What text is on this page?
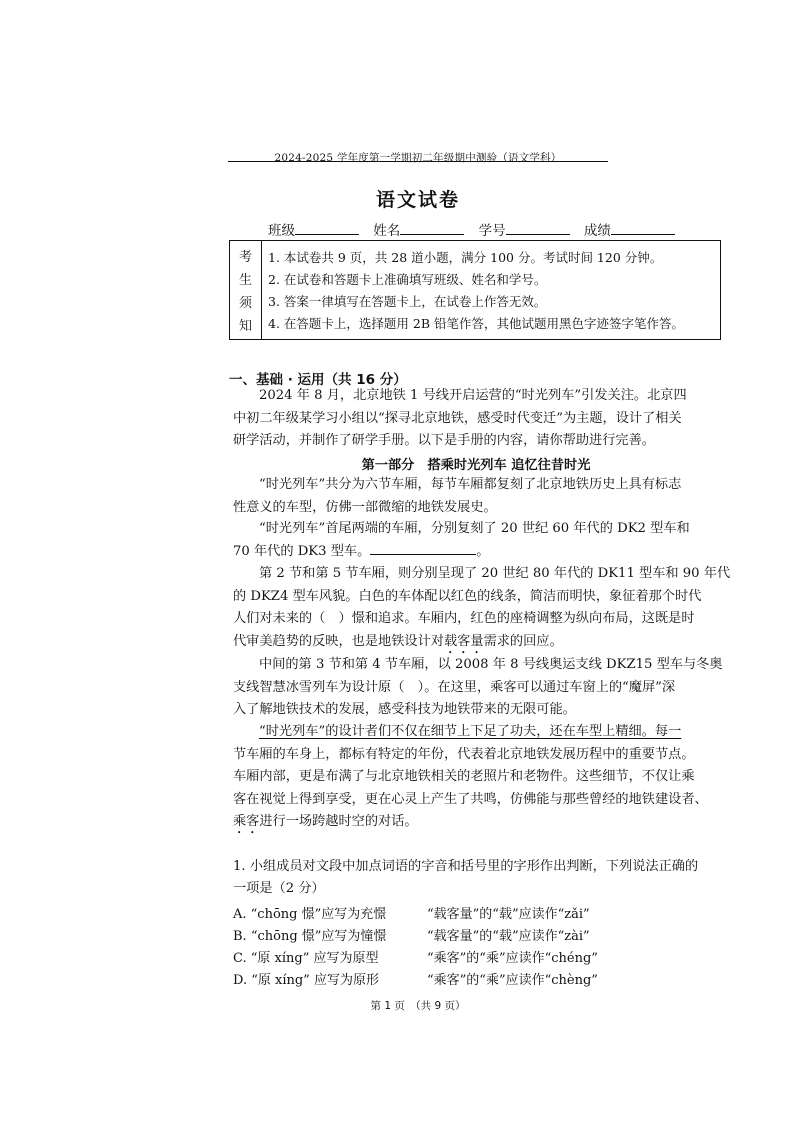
2024-2025 学年度第一学期初二年级期中测验（语文学科）
语文试卷
班级	姓名	学号	成绩
考
生
须
知
1. 本试卷共 9 页，共 28 道小题，满分 100 分。考试时间 120 分钟。
2. 在试卷和答题卡上准确填写班级、姓名和学号。
3. 答案一律填写在答题卡上，在试卷上作答无效。
4. 在答题卡上，选择题用 2B 铅笔作答，其他试题用黑色字迹签字笔作答。
一、基础 · 运用（共 16 分）
2024 年 8 月，北京地铁 1 号线开启运营的“时光列车”引发关注。北京四
中初二年级某学习小组以“探寻北京地铁，感受时代变迁”为主题，设计了相关
研学活动，并制作了研学手册。以下是手册的内容，请你帮助进行完善。
第一部分　搭乘时光列车 追忆往昔时光
“时光列车”共分为六节车厢，每节车厢都复刻了北京地铁历史上具有标志
性意义的车型，仿佛一部微缩的地铁发展史。
“时光列车”首尾两端的车厢，分别复刻了 20 世纪 60 年代的 DK2 型车和
70 年代的 DK3 型车。	。
第 2 节和第 5 节车厢，则分别呈现了 20 世纪 80 年代的 DK11 型车和 90 年代
的 DKZ4 型车风貌。白色的车体配以红色的线条，简洁而明快，象征着那个时代
人们对未来的（　）憬和追求。车厢内，红色的座椅调整为纵向布局，这既是时
代审美趋势的反映，也是地铁设计对载客量需求的回应。
中间的第 3 节和第 4 节车厢，以 2008 年 8 号线奥运支线 DKZ15 型车与冬奥
支线智慧冰雪列车为设计原（　）。在这里，乘客可以通过车窗上的“魔屏”深
入了解地铁技术的发展，感受科技为地铁带来的无限可能。
“时光列车”的设计者们不仅在细节上下足了功夫，还在车型上精细。每一
节车厢的车身上，都标有特定的年份，代表着北京地铁发展历程中的重要节点。
车厢内部，更是布满了与北京地铁相关的老照片和老物件。这些细节，不仅让乘
客在视觉上得到享受，更在心灵上产生了共鸣，仿佛能与那些曾经的地铁建设者、
乘客进行一场跨越时空的对话。
1. 小组成员对文段中加点词语的字音和括号里的字形作出判断，下列说法正确的
一项是（2 分）
A. “chōng 憬”应写为充憬	“载客量”的“载”应读作“zǎi”
B. “chōng 憬”应写为憧憬	“载客量”的“载”应读作“zài”
C. “原 xíng” 应写为原型	“乘客”的“乘”应读作“chéng”
D. “原 xíng” 应写为原形	“乘客”的“乘”应读作“chèng”
第 1 页　（共 9 页）
